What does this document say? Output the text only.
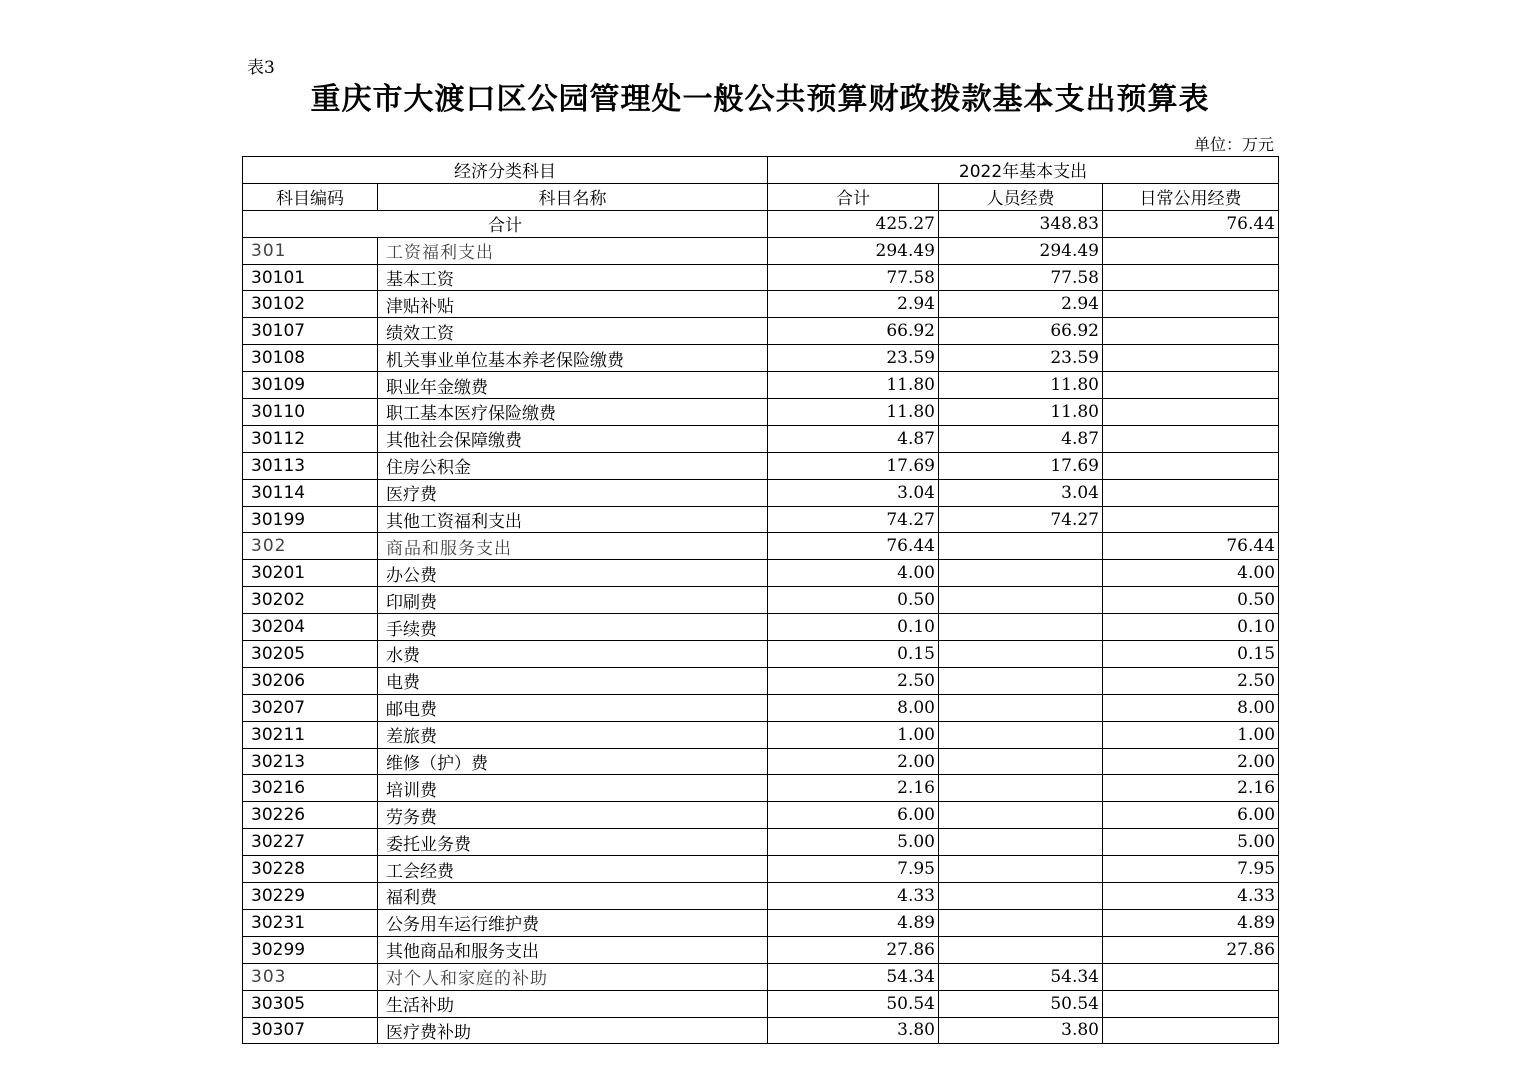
表3
重庆市大渡口区公园管理处一般公共预算财政拨款基本支出预算表
单位：万元
经济分类科目		2022年基本支出		
科目编码	科目名称	合计	人员经费	日常公用经费
合计		425.27	348.83	76.44
301	工资福利支出	294.49	294.49	
30101	基本工资	77.58	77.58	
30102	津贴补贴	2.94	2.94	
30107	绩效工资	66.92	66.92	
30108	机关事业单位基本养老保险缴费	23.59	23.59	
30109	职业年金缴费	11.80	11.80	
30110	职工基本医疗保险缴费	11.80	11.80	
30112	其他社会保障缴费	4.87	4.87	
30113	住房公积金	17.69	17.69	
30114	医疗费	3.04	3.04	
30199	其他工资福利支出	74.27	74.27	
302	商品和服务支出	76.44		76.44
30201	办公费	4.00		4.00
30202	印刷费	0.50		0.50
30204	手续费	0.10		0.10
30205	水费	0.15		0.15
30206	电费	2.50		2.50
30207	邮电费	8.00		8.00
30211	差旅费	1.00		1.00
30213	维修（护）费	2.00		2.00
30216	培训费	2.16		2.16
30226	劳务费	6.00		6.00
30227	委托业务费	5.00		5.00
30228	工会经费	7.95		7.95
30229	福利费	4.33		4.33
30231	公务用车运行维护费	4.89		4.89
30299	其他商品和服务支出	27.86		27.86
303	对个人和家庭的补助	54.34	54.34	
30305	生活补助	50.54	50.54	
30307	医疗费补助	3.80	3.80	
